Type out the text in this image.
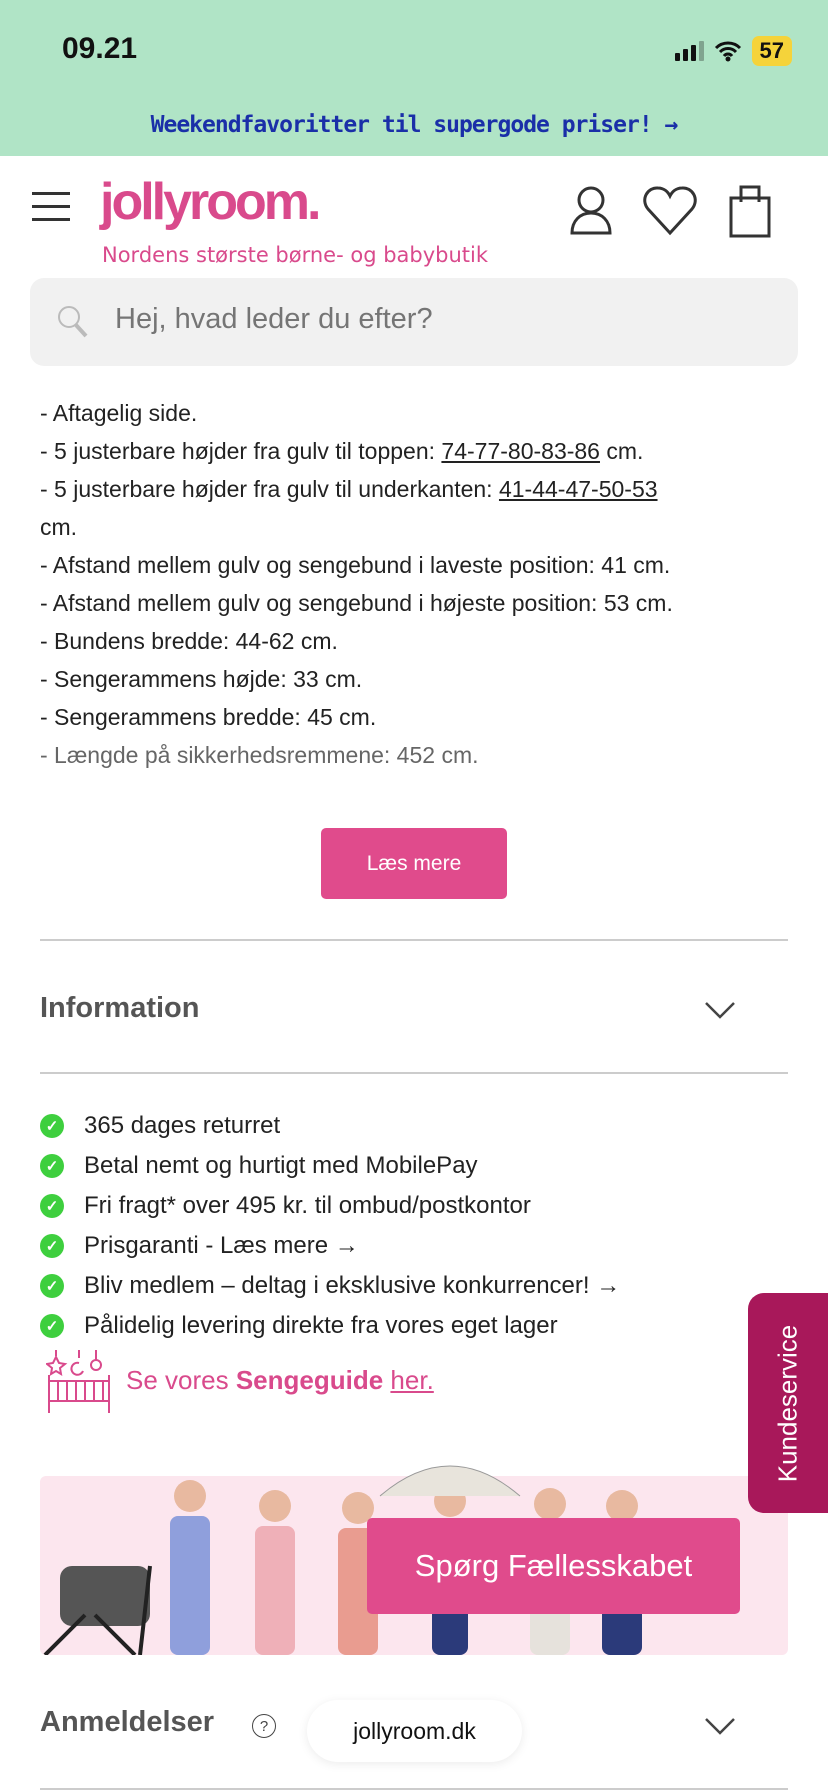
09.21	57
Weekendfavoritter til supergode priser! →
jollyroom.
Nordens største børne- og babybutik
Hej, hvad leder du efter?
- Aftagelig side.
- 5 justerbare højder fra gulv til toppen: 74-77-80-83-86 cm.
- 5 justerbare højder fra gulv til underkanten: 41-44-47-50-53
cm.
- Afstand mellem gulv og sengebund i laveste position: 41 cm.
- Afstand mellem gulv og sengebund i højeste position: 53 cm.
- Bundens bredde: 44-62 cm.
- Sengerammens højde: 33 cm.
- Sengerammens bredde: 45 cm.
- Længde på sikkerhedsremmene: 452 cm.
Læs mere
Information
✓ 365 dages returret
✓ Betal nemt og hurtigt med MobilePay
✓ Fri fragt* over 495 kr. til ombud/postkontor
✓ Prisgaranti - Læs mere →
✓ Bliv medlem – deltag i eksklusive konkurrencer! →
✓ Pålidelig levering direkte fra vores eget lager
Se vores Sengeguide her.
Spørg Fællesskabet
Kundeservice
Anmeldelser	?	jollyroom.dk
